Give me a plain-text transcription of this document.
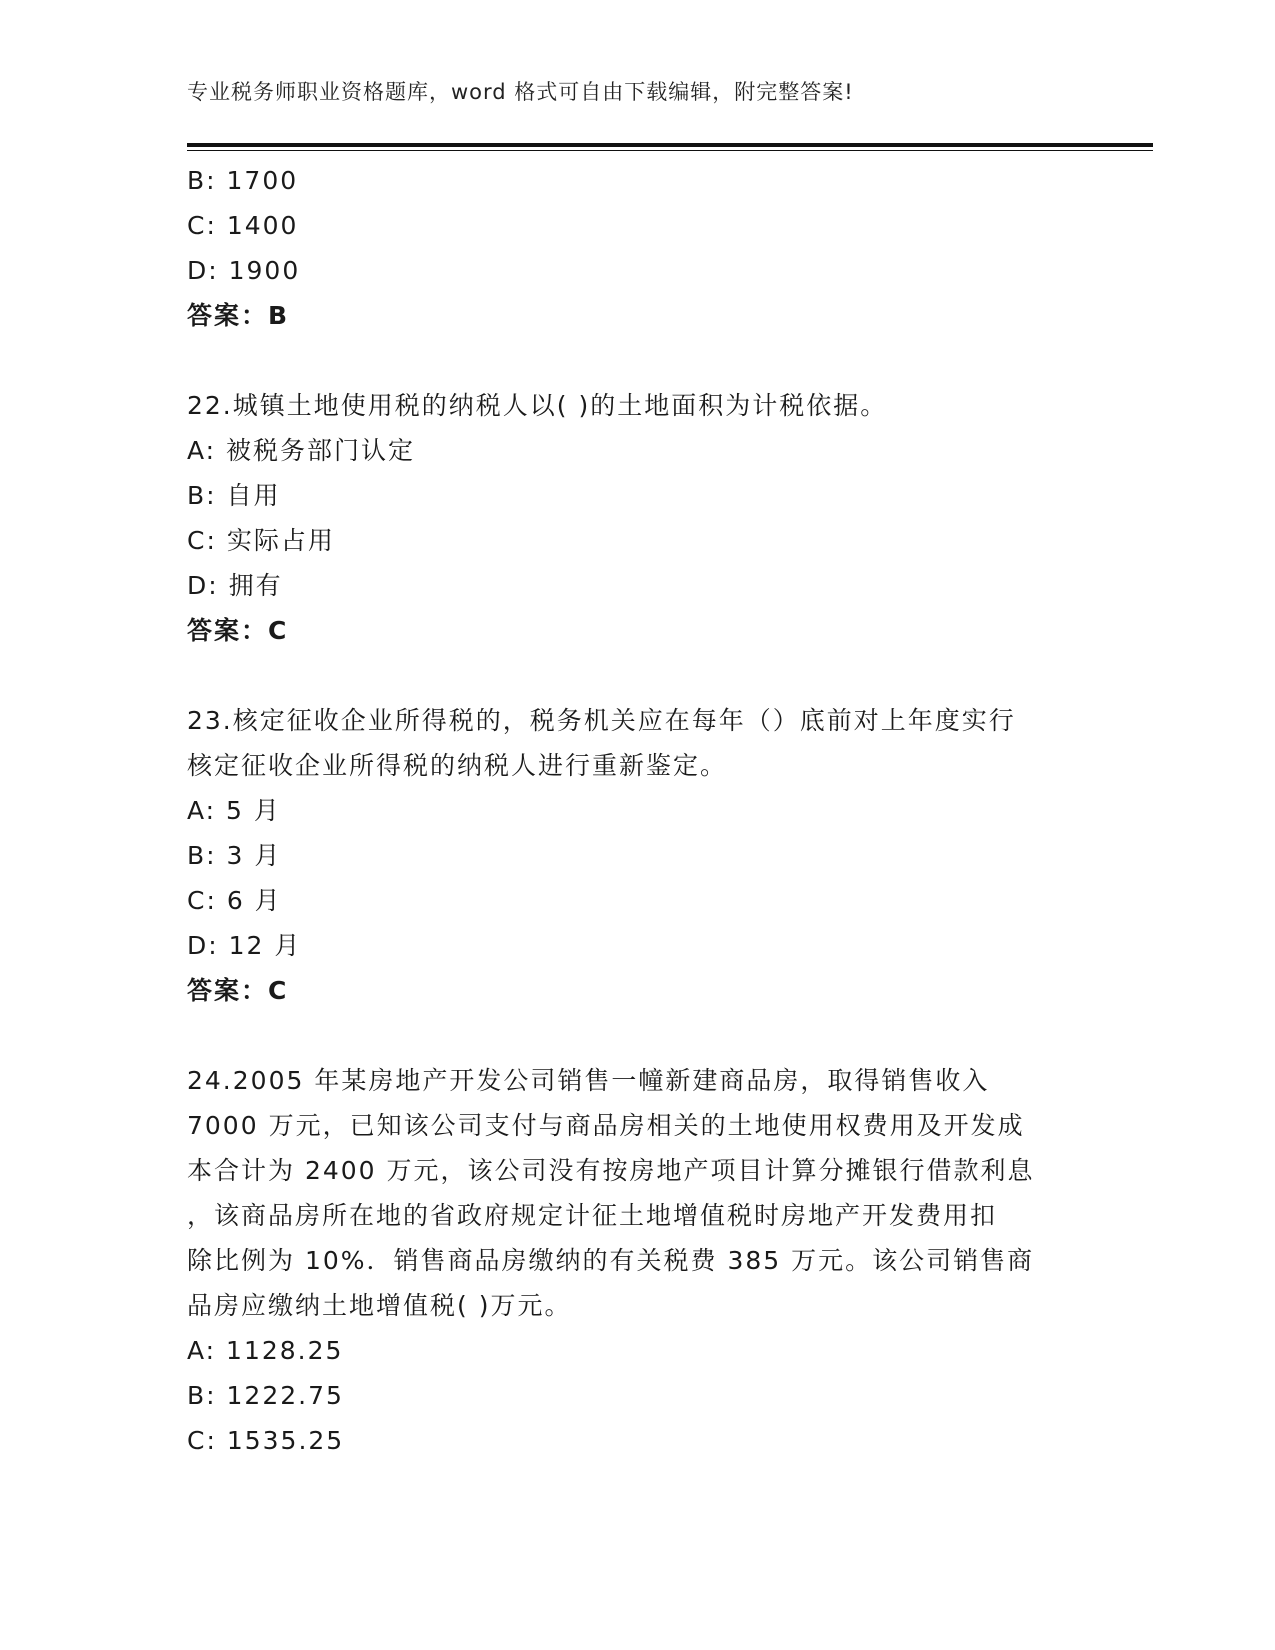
专业税务师职业资格题库，word 格式可自由下载编辑，附完整答案!
B: 1700
C: 1400
D: 1900
答案：B
22.城镇土地使用税的纳税人以( )的土地面积为计税依据。
A: 被税务部门认定
B: 自用
C: 实际占用
D: 拥有
答案：C
23.核定征收企业所得税的，税务机关应在每年（）底前对上年度实行
核定征收企业所得税的纳税人进行重新鉴定。
A: 5 月
B: 3 月
C: 6 月
D: 12 月
答案：C
24.2005 年某房地产开发公司销售一幢新建商品房，取得销售收入
7000 万元，已知该公司支付与商品房相关的土地使用权费用及开发成
本合计为 2400 万元，该公司没有按房地产项目计算分摊银行借款利息
，该商品房所在地的省政府规定计征土地增值税时房地产开发费用扣
除比例为 10%．销售商品房缴纳的有关税费 385 万元。该公司销售商
品房应缴纳土地增值税( )万元。
A: 1128.25
B: 1222.75
C: 1535.25
